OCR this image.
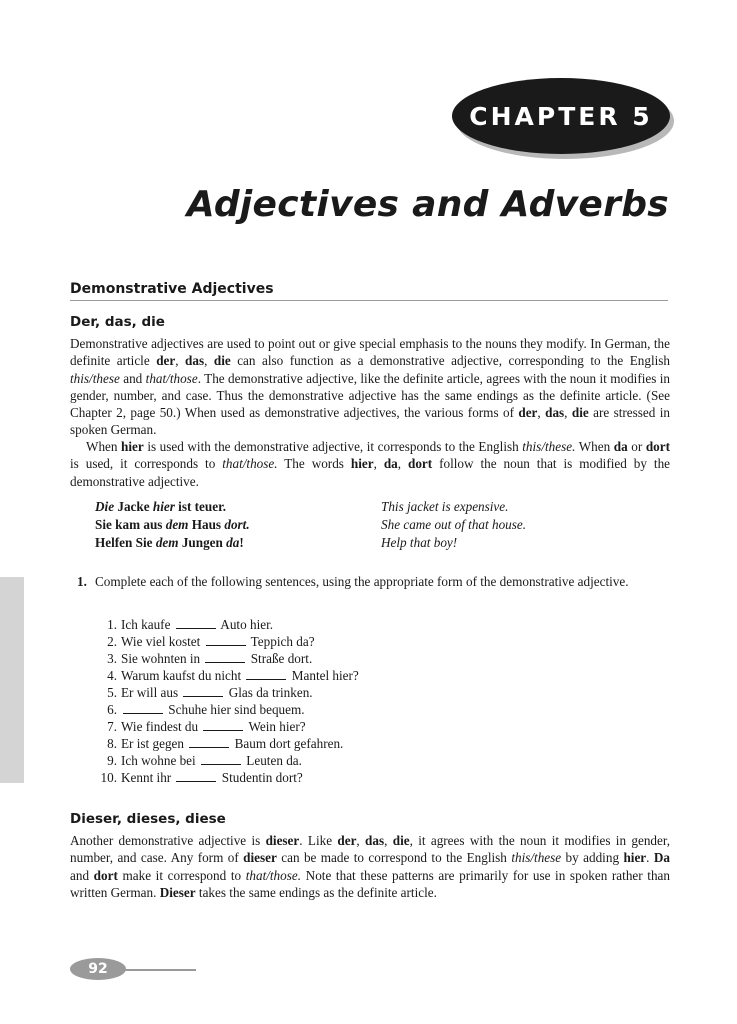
CHAPTER 5
Adjectives and Adverbs
Demonstrative Adjectives
Der, das, die

Demonstrative adjectives are used to point out or give special emphasis to the nouns they modify. In German, the definite article der, das, die can also function as a demonstrative adjective, corresponding to the English this/these and that/those. The demonstrative adjective, like the definite article, agrees with the noun it modifies in gender, number, and case. Thus the demonstrative adjective has the same endings as the definite article. (See Chapter 2, page 50.) When used as demonstrative adjectives, the various forms of der, das, die are stressed in spoken German.

When hier is used with the demonstrative adjective, it corresponds to the English this/these. When da or dort is used, it corresponds to that/those. The words hier, da, dort follow the noun that is modified by the demonstrative adjective.

Die Jacke hier ist teuer.	This jacket is expensive.
Sie kam aus dem Haus dort.	She came out of that house.
Helfen Sie dem Jungen da!	Help that boy!
1. Complete each of the following sentences, using the appropriate form of the demonstrative adjective.
1. Ich kaufe	Auto hier.
2. Wie viel kostet	Teppich da?
3. Sie wohnten in	Straße dort.
4. Warum kaufst du nicht	Mantel hier?
5. Er will aus	Glas da trinken.
6.	Schuhe hier sind bequem.
7. Wie findest du	Wein hier?
8. Er ist gegen	Baum dort gefahren.
9. Ich wohne bei	Leuten da.
10. Kennt ihr	Studentin dort?
Dieser, dieses, diese

Another demonstrative adjective is dieser. Like der, das, die, it agrees with the noun it modifies in gender, number, and case. Any form of dieser can be made to correspond to the English this/these by adding hier. Da and dort make it correspond to that/those. Note that these patterns are primarily for use in spoken rather than written German. Dieser takes the same endings as the definite article.

92
